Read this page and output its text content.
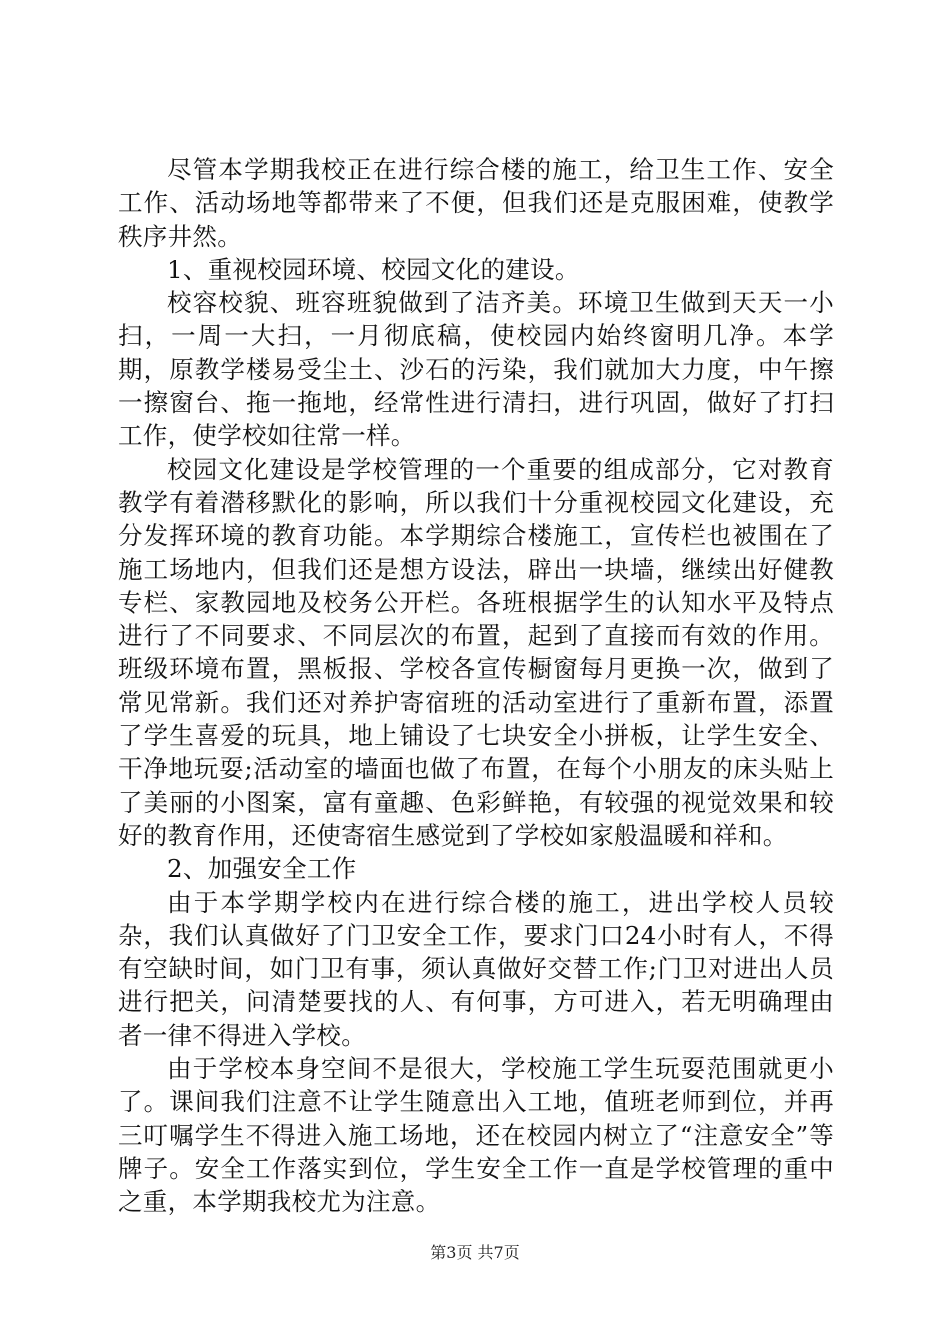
尽管本学期我校正在进行综合楼的施工，给卫生工作、安全工作、活动场地等都带来了不便，但我们还是克服困难，使教学秩序井然。

1、重视校园环境、校园文化的建设。

校容校貌、班容班貌做到了洁齐美。环境卫生做到天天一小扫，一周一大扫，一月彻底稿，使校园内始终窗明几净。本学期，原教学楼易受尘土、沙石的污染，我们就加大力度，中午擦一擦窗台、拖一拖地，经常性进行清扫，进行巩固，做好了打扫工作，使学校如往常一样。

校园文化建设是学校管理的一个重要的组成部分，它对教育教学有着潜移默化的影响，所以我们十分重视校园文化建设，充分发挥环境的教育功能。本学期综合楼施工，宣传栏也被围在了施工场地内，但我们还是想方设法，辟出一块墙，继续出好健教专栏、家教园地及校务公开栏。各班根据学生的认知水平及特点进行了不同要求、不同层次的布置，起到了直接而有效的作用。班级环境布置，黑板报、学校各宣传橱窗每月更换一次，做到了常见常新。我们还对养护寄宿班的活动室进行了重新布置，添置了学生喜爱的玩具，地上铺设了七块安全小拼板，让学生安全、干净地玩耍;活动室的墙面也做了布置，在每个小朋友的床头贴上了美丽的小图案，富有童趣、色彩鲜艳，有较强的视觉效果和较好的教育作用，还使寄宿生感觉到了学校如家般温暖和祥和。

2、加强安全工作

由于本学期学校内在进行综合楼的施工，进出学校人员较杂，我们认真做好了门卫安全工作，要求门口24小时有人，不得有空缺时间，如门卫有事，须认真做好交替工作;门卫对进出人员进行把关，问清楚要找的人、有何事，方可进入，若无明确理由者一律不得进入学校。

由于学校本身空间不是很大，学校施工学生玩耍范围就更小了。课间我们注意不让学生随意出入工地，值班老师到位，并再三叮嘱学生不得进入施工场地，还在校园内树立了“注意安全”等牌子。安全工作落实到位，学生安全工作一直是学校管理的重中之重，本学期我校尤为注意。

第3页 共7页
